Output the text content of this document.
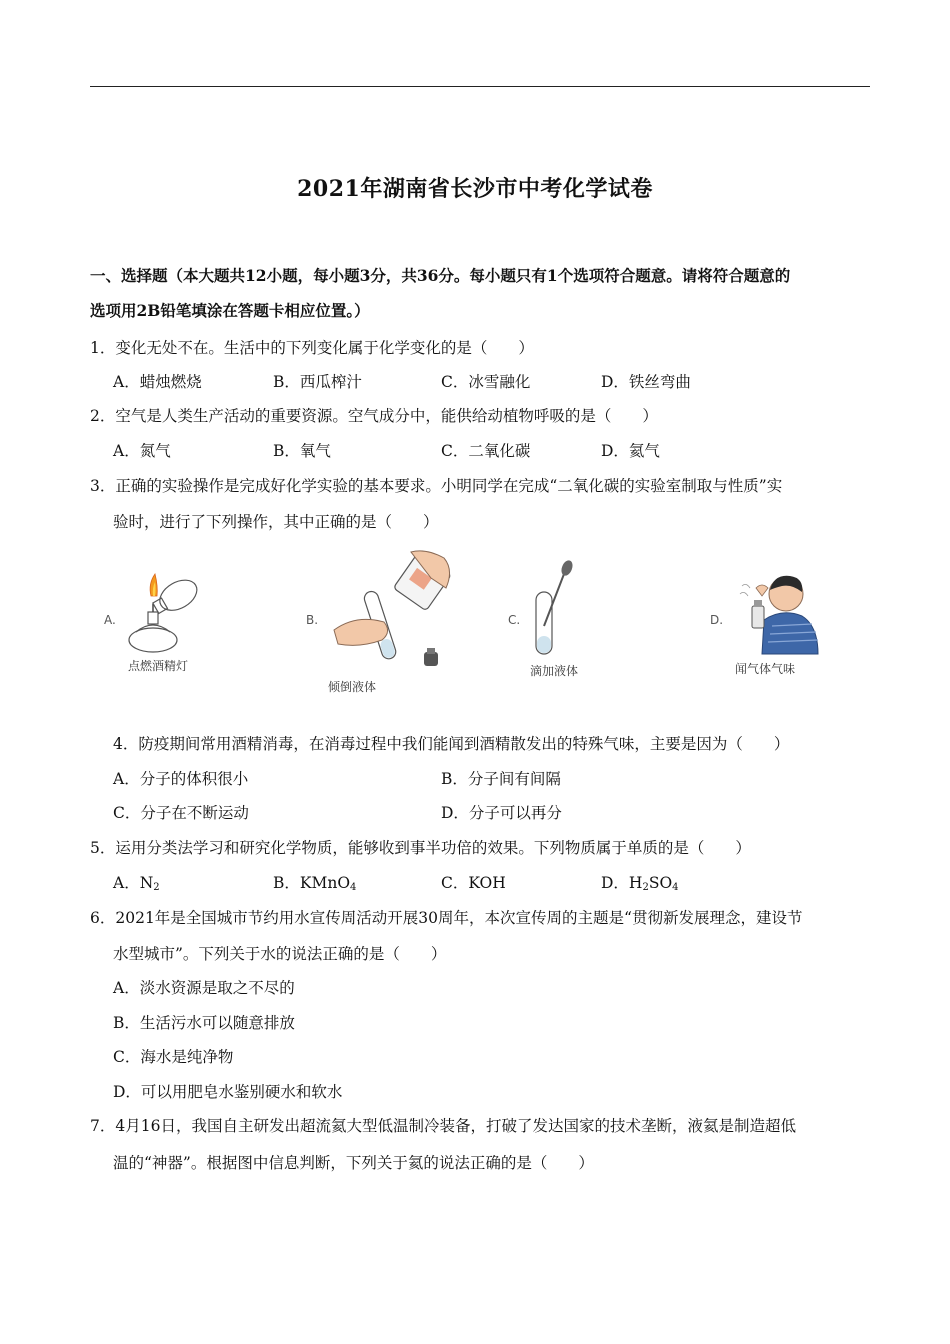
2021年湖南省长沙市中考化学试卷
一、选择题（本大题共12小题，每小题3分，共36分。每小题只有1个选项符合题意。请将符合题意的
选项用2B铅笔填涂在答题卡相应位置。）
1．变化无处不在。生活中的下列变化属于化学变化的是（　　）
A．蜡烛燃烧	B．西瓜榨汁	C．冰雪融化	D．铁丝弯曲
2．空气是人类生产活动的重要资源。空气成分中，能供给动植物呼吸的是（　　）
A．氮气	B．氧气	C．二氧化碳	D．氦气
3．正确的实验操作是完成好化学实验的基本要求。小明同学在完成“二氧化碳的实验室制取与性质”实
验时，进行了下列操作，其中正确的是（　　）
A.
点燃酒精灯
B.
倾倒液体
C.
滴加液体
D.
闻气体气味
4．防疫期间常用酒精消毒，在消毒过程中我们能闻到酒精散发出的特殊气味，主要是因为（　　）
A．分子的体积很小	B．分子间有间隔
C．分子在不断运动	D．分子可以再分
5．运用分类法学习和研究化学物质，能够收到事半功倍的效果。下列物质属于单质的是（　　）
A．$N_2$	B．KMnO$_4$	C．KOH	D．$H_2SO_4$
6．2021年是全国城市节约用水宣传周活动开展30周年，本次宣传周的主题是“贯彻新发展理念，建设节
水型城市”。下列关于水的说法正确的是（　　）
A．淡水资源是取之不尽的
B．生活污水可以随意排放
C．海水是纯净物
D．可以用肥皂水鉴别硬水和软水
7．4月16日，我国自主研发出超流氦大型低温制冷装备，打破了发达国家的技术垄断，液氦是制造超低
温的“神器”。根据图中信息判断，下列关于氦的说法正确的是（　　）
